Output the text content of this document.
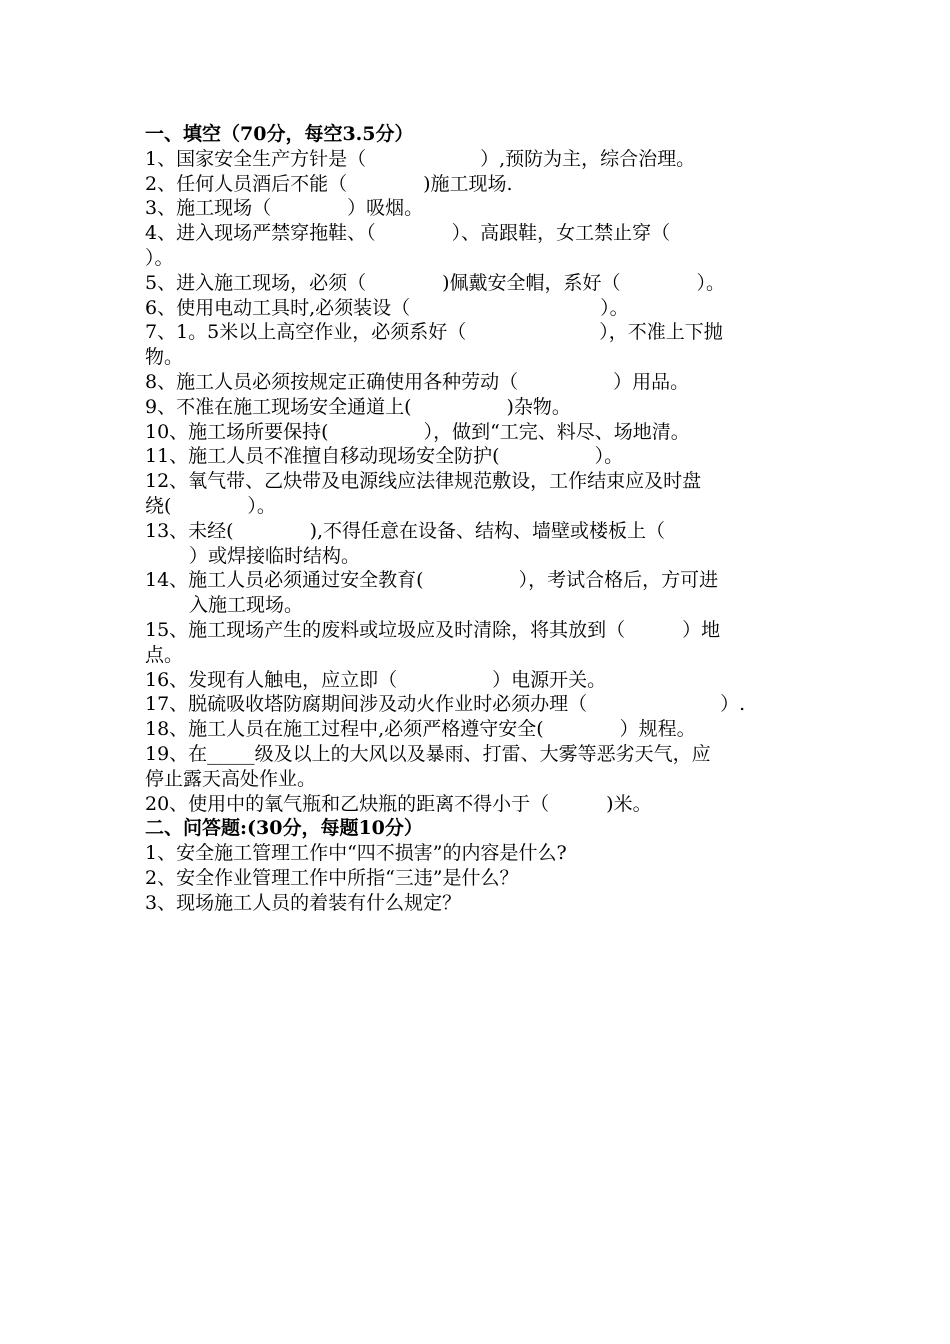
一、填空（70分，每空3.5分）
1、国家安全生产方针是（　　　　　　）,预防为主，综合治理。
2、任何人员酒后不能（　　　　)施工现场.
3、施工现场（　　　　）吸烟。
4、进入现场严禁穿拖鞋、（　　　　）、高跟鞋，女工禁止穿（
）。
5、进入施工现场，必须（　　　　)佩戴安全帽，系好（　　　　）。
6、使用电动工具时,必须装设（　　　　　　　　　　）。
7、1。5米以上高空作业，必须系好（　　　　　　　），不准上下抛
物。
8、施工人员必须按规定正确使用各种劳动（　　　　　）用品。
9、不准在施工现场安全通道上(　　　　　)杂物。
10、施工场所要保持(　　　　　），做到“工完、料尽、场地清。
11、施工人员不准擅自移动现场安全防护(　　　　　）。
12、氧气带、乙炔带及电源线应法律规范敷设，工作结束应及时盘
绕(　　　　）。
13、未经(　　　　),不得任意在设备、结构、墙壁或楼板上（
）或焊接临时结构。
14、施工人员必须通过安全教育(　　　　　），考试合格后，方可进
入施工现场。
15、施工现场产生的废料或垃圾应及时清除，将其放到（　　　）地
点。
16、发现有人触电，应立即（　　　　　）电源开关。
17、脱硫吸收塔防腐期间涉及动火作业时必须办理（　　　　　　　）.
18、施工人员在施工过程中,必须严格遵守安全(　　　　）规程。
19、在_____级及以上的大风以及暴雨、打雷、大雾等恶劣天气，应
停止露天高处作业。
20、使用中的氧气瓶和乙炔瓶的距离不得小于（　　　)米。
二、问答题:(30分，每题10分）
1、安全施工管理工作中“四不损害”的内容是什么?
2、安全作业管理工作中所指“三违”是什么？
3、现场施工人员的着装有什么规定？
